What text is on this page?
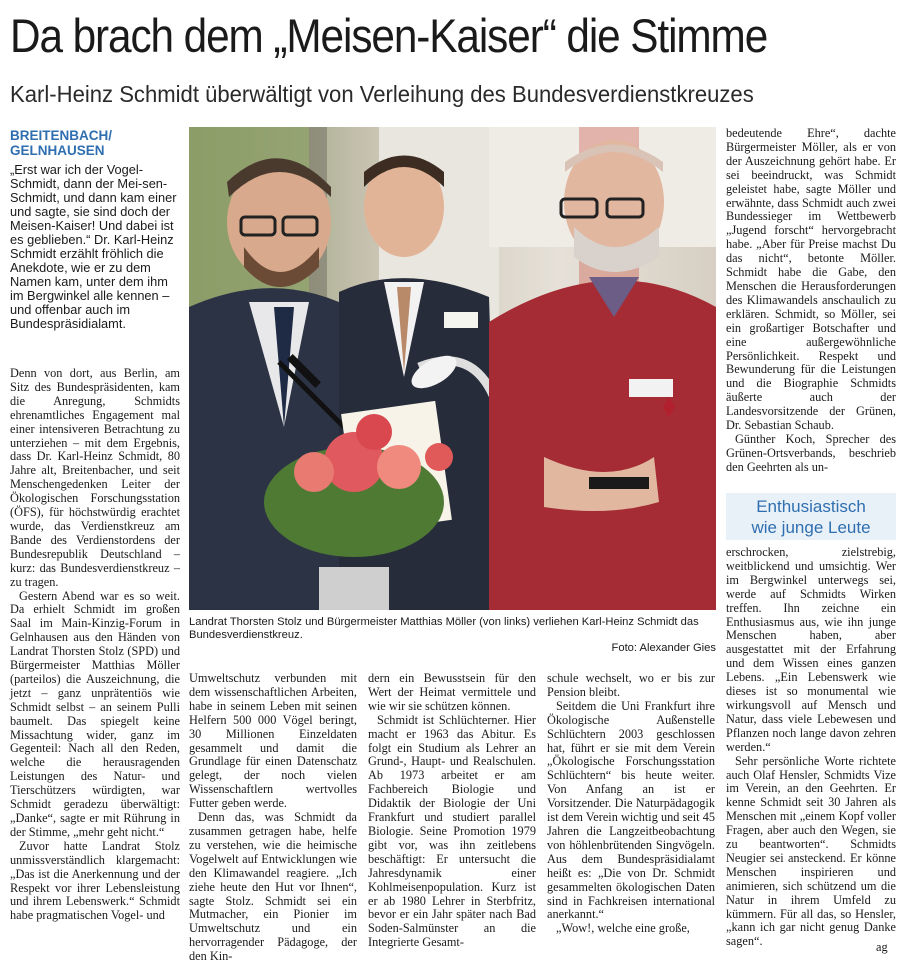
Da brach dem „Meisen-Kaiser“ die Stimme
Karl-Heinz Schmidt überwältigt von Verleihung des Bundesverdienstkreuzes
BREITENBACH/
GELNHAUSEN

„Erst war ich der Vogel-Schmidt, dann der Mei-sen-Schmidt, und dann kam einer und sagte, sie sind doch der Meisen-Kaiser! Und dabei ist es geblieben.“ Dr. Karl-Heinz Schmidt erzählt fröhlich die Anekdote, wie er zu dem Namen kam, unter dem ihm im Bergwinkel alle kennen – und offenbar auch im Bundespräsidialamt.

Denn von dort, aus Berlin, am Sitz des Bundespräsidenten, kam die Anregung, Schmidts ehrenamtliches Engagement mal einer intensiveren Betrachtung zu unterziehen – mit dem Ergebnis, dass Dr. Karl-Heinz Schmidt, 80 Jahre alt, Breitenbacher, und seit Menschengedenken Leiter der Ökologischen Forschungsstation (ÖFS), für höchstwürdig erachtet wurde, das Verdienstkreuz am Bande des Verdienstordens der Bundesrepublik Deutschland – kurz: das Bundesverdienstkreuz – zu tragen.

Gestern Abend war es so weit. Da erhielt Schmidt im großen Saal im Main-Kinzig-Forum in Gelnhausen aus den Händen von Landrat Thorsten Stolz (SPD) und Bürgermeister Matthias Möller (parteilos) die Auszeichnung, die jetzt – ganz unprätentiös wie Schmidt selbst – an seinem Pulli baumelt. Das spiegelt keine Missachtung wider, ganz im Gegenteil: Nach all den Reden, welche die herausragenden Leistungen des Natur- und Tierschützers würdigten, war Schmidt geradezu überwältigt: „Danke“, sagte er mit Rührung in der Stimme, „mehr geht nicht.“

Zuvor hatte Landrat Stolz unmissverständlich klargemacht: „Das ist die Anerkennung und der Respekt vor ihrer Lebensleistung und ihrem Lebenswerk.“ Schmidt habe pragmatischen Vogel- und

Landrat Thorsten Stolz und Bürgermeister Matthias Möller (von links) verliehen Karl-Heinz Schmidt das Bundesverdienstkreuz.
Foto: Alexander Gies

Umweltschutz verbunden mit dem wissenschaftlichen Arbeiten, habe in seinem Leben mit seinen Helfern 500 000 Vögel beringt, 30 Millionen Einzeldaten gesammelt und damit die Grundlage für einen Datenschatz gelegt, der noch vielen Wissenschaftlern wertvolles Futter geben werde.

Denn das, was Schmidt da zusammen getragen habe, helfe zu verstehen, wie die heimische Vogelwelt auf Entwicklungen wie den Klimawandel reagiere. „Ich ziehe heute den Hut vor Ihnen“, sagte Stolz. Schmidt sei ein Mutmacher, ein Pionier im Umweltschutz und ein hervorragender Pädagoge, der den Kin-

dern ein Bewusstsein für den Wert der Heimat vermittele und wie wir sie schützen können.

Schmidt ist Schlüchterner. Hier macht er 1963 das Abitur. Es folgt ein Studium als Lehrer an Grund-, Haupt- und Realschulen. Ab 1973 arbeitet er am Fachbereich Biologie und Didaktik der Biologie der Uni Frankfurt und studiert parallel Biologie. Seine Promotion 1979 gibt vor, was ihn zeitlebens beschäftigt: Er untersucht die Jahresdynamik einer Kohlmeisenpopulation. Kurz ist er ab 1980 Lehrer in Sterbfritz, bevor er ein Jahr später nach Bad Soden-Salmünster an die Integrierte Gesamt-

schule wechselt, wo er bis zur Pension bleibt.

Seitdem die Uni Frankfurt ihre Ökologische Außenstelle Schlüchtern 2003 geschlossen hat, führt er sie mit dem Verein „Ökologische Forschungsstation Schlüchtern“ bis heute weiter. Von Anfang an ist er Vorsitzender. Die Naturpädagogik ist dem Verein wichtig und seit 45 Jahren die Langzeitbeobachtung von höhlenbrütenden Singvögeln. Aus dem Bundespräsidialamt heißt es: „Die von Dr. Schmidt gesammelten ökologischen Daten sind in Fachkreisen international anerkannt.“

„Wow!, welche eine große,

bedeutende Ehre“, dachte Bürgermeister Möller, als er von der Auszeichnung gehört habe. Er sei beeindruckt, was Schmidt geleistet habe, sagte Möller und erwähnte, dass Schmidt auch zwei Bundessieger im Wettbewerb „Jugend forscht“ hervorgebracht habe. „Aber für Preise machst Du das nicht“, betonte Möller. Schmidt habe die Gabe, den Menschen die Herausforderungen des Klimawandels anschaulich zu erklären. Schmidt, so Möller, sei ein großartiger Botschafter und eine außergewöhnliche Persönlichkeit. Respekt und Bewunderung für die Leistungen und die Biographie Schmidts äußerte auch der Landesvorsitzende der Grünen, Dr. Sebastian Schaub.

Günther Koch, Sprecher des Grünen-Ortsverbands, beschrieb den Geehrten als un-

Enthusiastisch
wie junge Leute

erschrocken, zielstrebig, weitblickend und umsichtig. Wer im Bergwinkel unterwegs sei, werde auf Schmidts Wirken treffen. Ihn zeichne ein Enthusiasmus aus, wie ihn junge Menschen haben, aber ausgestattet mit der Erfahrung und dem Wissen eines ganzen Lebens. „Ein Lebenswerk wie dieses ist so monumental wie wirkungsvoll auf Mensch und Natur, dass viele Lebewesen und Pflanzen noch lange davon zehren werden.“

Sehr persönliche Worte richtete auch Olaf Hensler, Schmidts Vize im Verein, an den Geehrten. Er kenne Schmidt seit 30 Jahren als Menschen mit „einem Kopf voller Fragen, aber auch den Wegen, sie zu beantworten“. Schmidts Neugier sei ansteckend. Er könne Menschen inspirieren und animieren, sich schützend um die Natur in ihrem Umfeld zu kümmern. Für all das, so Hensler, „kann ich gar nicht genug Danke sagen“.	ag
